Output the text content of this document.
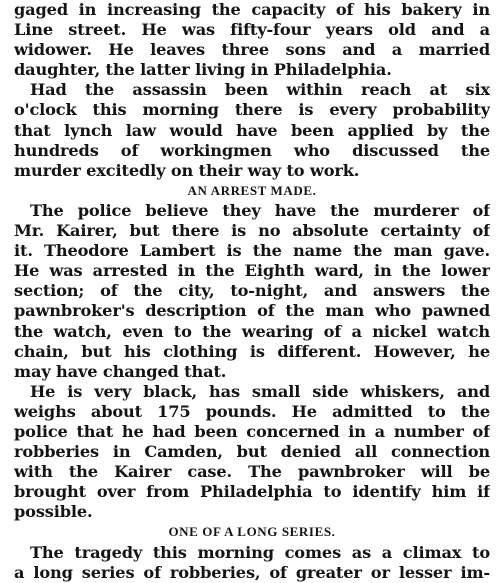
gaged in increasing the capacity of his bakery in
Line street. He was fifty-four years old and a
widower. He leaves three sons and a married
daughter, the latter living in Philadelphia.
Had the assassin been within reach at six
o'clock this morning there is every probability
that lynch law would have been applied by the
hundreds of workingmen who discussed the
murder excitedly on their way to work.
AN ARREST MADE.
The police believe they have the murderer of
Mr. Kairer, but there is no absolute certainty of
it. Theodore Lambert is the name the man gave.
He was arrested in the Eighth ward, in the lower
section; of the city, to-night, and answers the
pawnbroker's description of the man who pawned
the watch, even to the wearing of a nickel watch
chain, but his clothing is different. However, he
may have changed that.
He is very black, has small side whiskers, and
weighs about 175 pounds. He admitted to the
police that he had been concerned in a number of
robberies in Camden, but denied all connection
with the Kairer case. The pawnbroker will be
brought over from Philadelphia to identify him if
possible.
ONE OF A LONG SERIES.
The tragedy this morning comes as a climax to
a long series of robberies, of greater or lesser im-
